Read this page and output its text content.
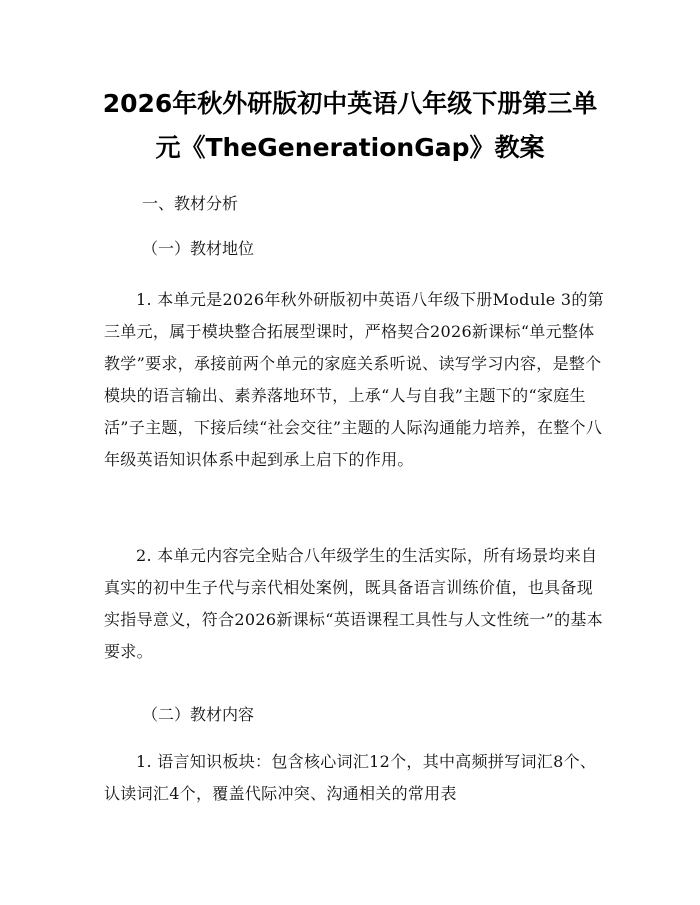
2026年秋外研版初中英语八年级下册第三单
元《TheGenerationGap》教案

一、教材分析

（一）教材地位

1. 本单元是2026年秋外研版初中英语八年级下册Module 3的第三单元，属于模块整合拓展型课时，严格契合2026新课标“单元整体教学”要求，承接前两个单元的家庭关系听说、读写学习内容，是整个模块的语言输出、素养落地环节，上承“人与自我”主题下的“家庭生活”子主题，下接后续“社会交往”主题的人际沟通能力培养，在整个八年级英语知识体系中起到承上启下的作用。

2. 本单元内容完全贴合八年级学生的生活实际，所有场景均来自真实的初中生子代与亲代相处案例，既具备语言训练价值，也具备现实指导意义，符合2026新课标“英语课程工具性与人文性统一”的基本要求。

（二）教材内容

1. 语言知识板块：包含核心词汇12个，其中高频拼写词汇8个、认读词汇4个，覆盖代际冲突、沟通相关的常用表
